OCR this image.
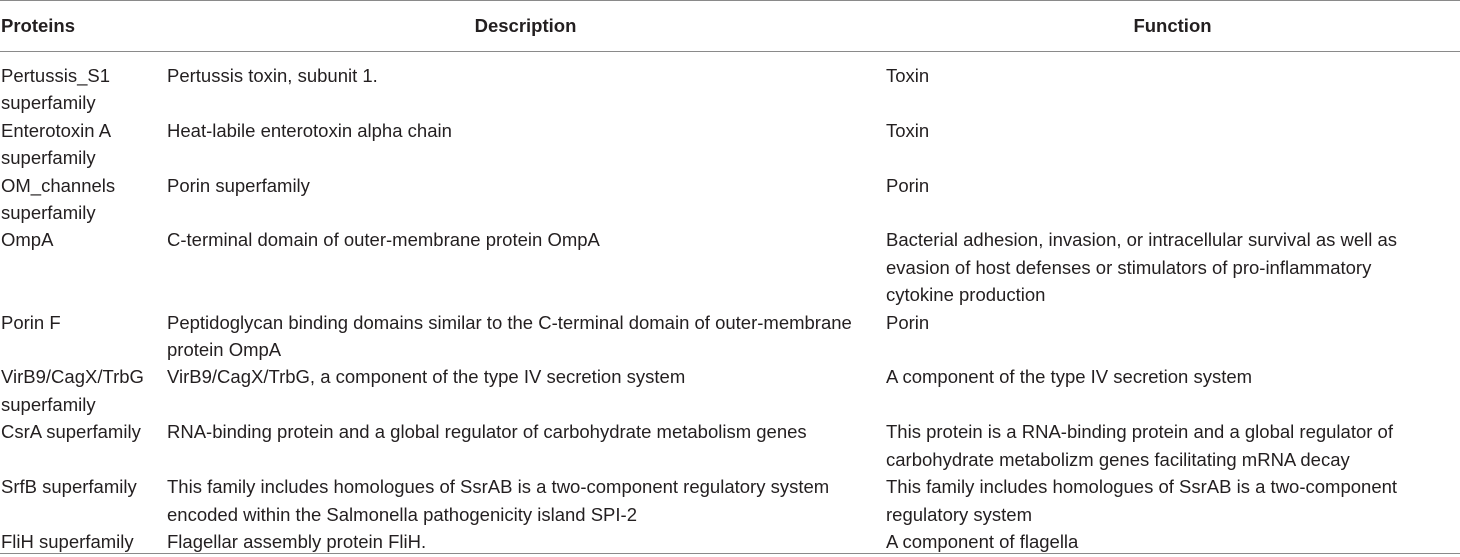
Proteins	Description	Function
Pertussis_S1 superfamily	Pertussis toxin, subunit 1.	Toxin
Enterotoxin A superfamily	Heat-labile enterotoxin alpha chain	Toxin
OM_channels superfamily	Porin superfamily	Porin
OmpA	C-terminal domain of outer-membrane protein OmpA	Bacterial adhesion, invasion, or intracellular survival as well as evasion of host defenses or stimulators of pro-inflammatory cytokine production
Porin F	Peptidoglycan binding domains similar to the C-terminal domain of outer-membrane protein OmpA	Porin
VirB9/CagX/TrbG superfamily	VirB9/CagX/TrbG, a component of the type IV secretion system	A component of the type IV secretion system
CsrA superfamily	RNA-binding protein and a global regulator of carbohydrate metabolism genes	This protein is a RNA-binding protein and a global regulator of carbohydrate metabolizm genes facilitating mRNA decay
SrfB superfamily	This family includes homologues of SsrAB is a two-component regulatory system encoded within the Salmonella pathogenicity island SPI-2	This family includes homologues of SsrAB is a two-component regulatory system
FliH superfamily	Flagellar assembly protein FliH.	A component of flagella
